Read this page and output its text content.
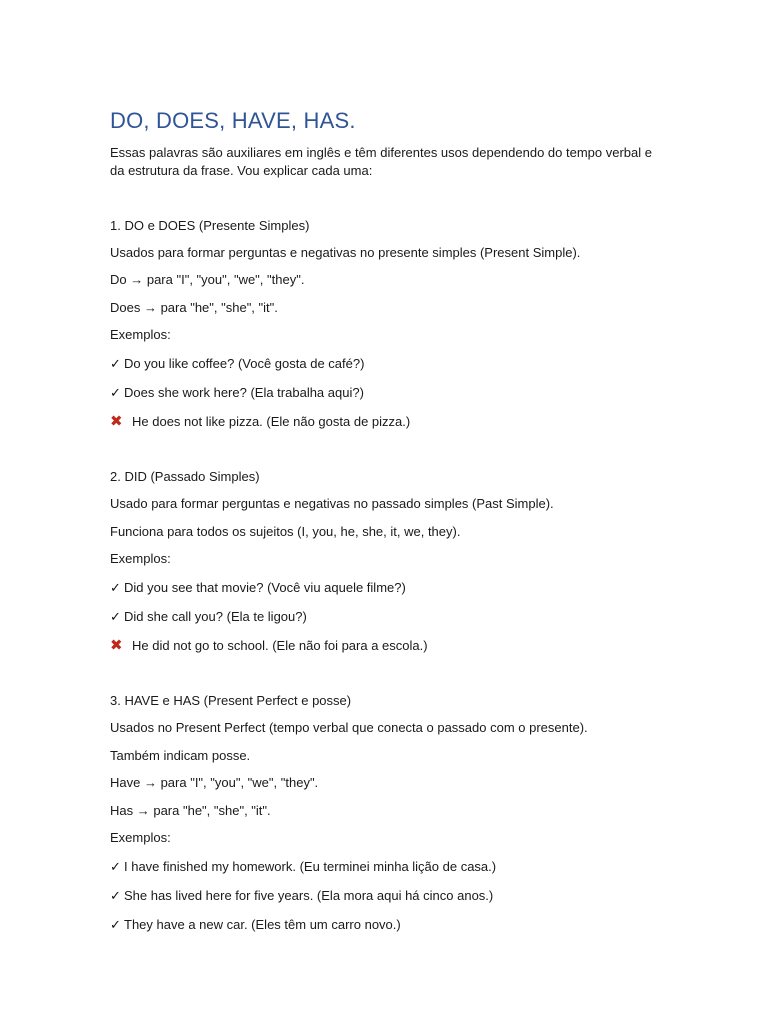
DO, DOES, HAVE, HAS.

Essas palavras são auxiliares em inglês e têm diferentes usos dependendo do tempo verbal e da estrutura da frase. Vou explicar cada uma:

1. DO e DOES (Presente Simples)

Usados para formar perguntas e negativas no presente simples (Present Simple).

Do → para "I", "you", "we", "they".

Does → para "he", "she", "it".

Exemplos:

✓ Do you like coffee? (Você gosta de café?)

✓ Does she work here? (Ela trabalha aqui?)

✖ He does not like pizza. (Ele não gosta de pizza.)

2. DID (Passado Simples)

Usado para formar perguntas e negativas no passado simples (Past Simple).

Funciona para todos os sujeitos (I, you, he, she, it, we, they).

Exemplos:

✓ Did you see that movie? (Você viu aquele filme?)

✓ Did she call you? (Ela te ligou?)

✖ He did not go to school. (Ele não foi para a escola.)

3. HAVE e HAS (Present Perfect e posse)

Usados no Present Perfect (tempo verbal que conecta o passado com o presente).

Também indicam posse.

Have → para "I", "you", "we", "they".

Has → para "he", "she", "it".

Exemplos:

✓ I have finished my homework. (Eu terminei minha lição de casa.)

✓ She has lived here for five years. (Ela mora aqui há cinco anos.)

✓ They have a new car. (Eles têm um carro novo.)
